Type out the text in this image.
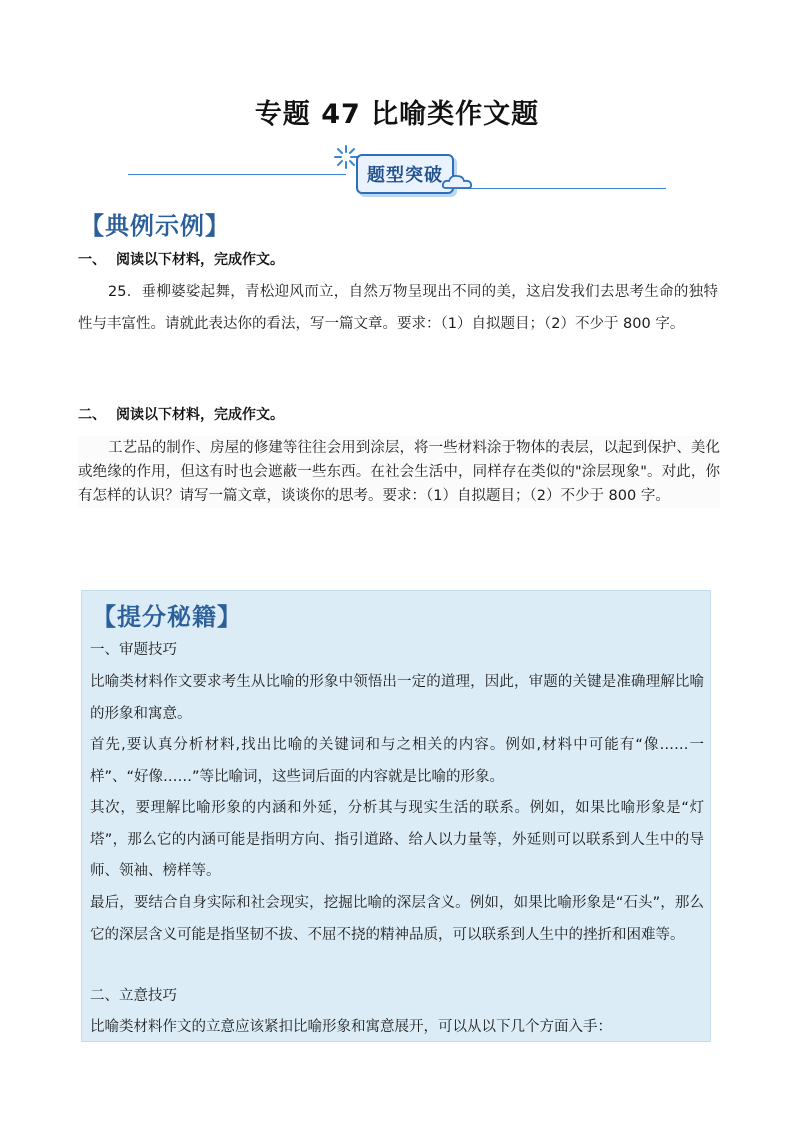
专题 47 比喻类作文题
题型突破
【典例示例】
一、 阅读以下材料，完成作文。
25．垂柳婆娑起舞，青松迎风而立，自然万物呈现出不同的美，这启发我们去思考生命的独特性与丰富性。请就此表达你的看法，写一篇文章。要求：（1）自拟题目；（2）不少于 800 字。
二、 阅读以下材料，完成作文。
工艺品的制作、房屋的修建等往往会用到涂层，将一些材料涂于物体的表层，以起到保护、美化或绝缘的作用，但这有时也会遮蔽一些东西。在社会生活中，同样存在类似的"涂层现象"。对此，你有怎样的认识？请写一篇文章，谈谈你的思考。要求：（1）自拟题目；（2）不少于 800 字。
【提分秘籍】
一、审题技巧
比喻类材料作文要求考生从比喻的形象中领悟出一定的道理，因此，审题的关键是准确理解比喻的形象和寓意。
首先,要认真分析材料,找出比喻的关键词和与之相关的内容。例如,材料中可能有“像……一样”、“好像……”等比喻词，这些词后面的内容就是比喻的形象。
其次，要理解比喻形象的内涵和外延，分析其与现实生活的联系。例如，如果比喻形象是“灯塔”，那么它的内涵可能是指明方向、指引道路、给人以力量等，外延则可以联系到人生中的导师、领袖、榜样等。
最后，要结合自身实际和社会现实，挖掘比喻的深层含义。例如，如果比喻形象是“石头”，那么它的深层含义可能是指坚韧不拔、不屈不挠的精神品质，可以联系到人生中的挫折和困难等。
二、立意技巧
比喻类材料作文的立意应该紧扣比喻形象和寓意展开，可以从以下几个方面入手：
